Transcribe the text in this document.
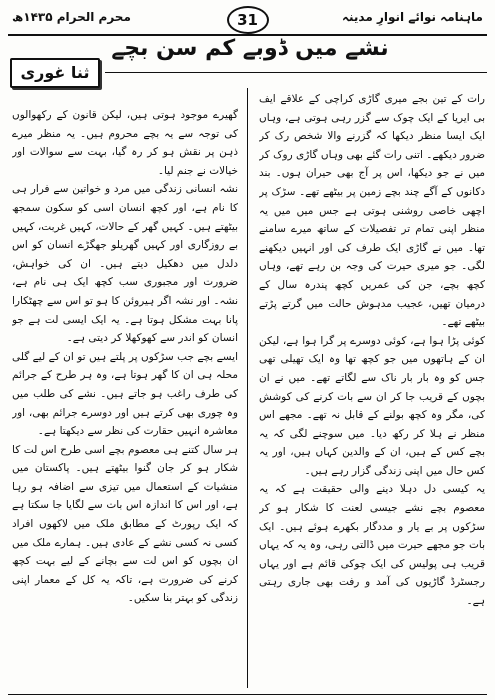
ماہنامہ نوائے انوارِ مدینہ
31
محرم الحرام ۱۴۳۵ھ
نشے میں ڈوبے کم سن بچے
ثنا غوری

رات کے تین بجے میری گاڑی کراچی کے علاقے ایف بی ایریا کے ایک چوک سے گزر رہی ہوتی ہے، وہاں ایک ایسا منظر دیکھا کہ گزرنے والا شخص رک کر ضرور دیکھے۔ اتنی رات گئے بھی وہاں گاڑی روک کر میں نے جو دیکھا، اس پر آج بھی حیران ہوں۔ بند دکانوں کے آگے چند بچے زمین پر بیٹھے تھے۔ سڑک پر اچھی خاصی روشنی ہوتی ہے جس میں میں یہ منظر اپنی تمام تر تفصیلات کے ساتھ میرے سامنے تھا۔ میں نے گاڑی ایک طرف کی اور انہیں دیکھنے لگی۔ جو میری حیرت کی وجہ بن رہے تھے، وہاں کچھ بچے، جن کی عمریں کچھ پندرہ سال کے درمیان تھیں، عجیب مدہوش حالت میں گرتے پڑتے بیٹھے تھے۔

کوئی پڑا ہوا ہے، کوئی دوسرے پر گرا ہوا ہے، لیکن ان کے ہاتھوں میں جو کچھ تھا وہ ایک تھیلی تھی جس کو وہ بار بار ناک سے لگاتے تھے۔ میں نے ان بچوں کے قریب جا کر ان سے بات کرنے کی کوشش کی، مگر وہ کچھ بولنے کے قابل نہ تھے۔ مجھے اس منظر نے ہلا کر رکھ دیا۔ میں سوچنے لگی کہ یہ بچے کس کے ہیں، ان کے والدین کہاں ہیں، اور یہ کس حال میں اپنی زندگی گزار رہے ہیں۔

یہ کیسی دل دہلا دینے والی حقیقت ہے کہ یہ معصوم بچے نشے جیسی لعنت کا شکار ہو کر سڑکوں پر بے یار و مددگار بکھرے ہوئے ہیں۔ ایک بات جو مجھے حیرت میں ڈالتی رہی، وہ یہ کہ یہاں قریب ہی پولیس کی ایک چوکی قائم ہے اور یہاں رجسٹرڈ گاڑیوں کی آمد و رفت بھی جاری رہتی ہے۔

گھیرے موجود ہوتی ہیں، لیکن قانون کے رکھوالوں کی توجہ سے یہ بچے محروم ہیں۔ یہ منظر میرے ذہن پر نقش ہو کر رہ گیا، بہت سے سوالات اور خیالات نے جنم لیا۔

نشہ انسانی زندگی میں مرد و خواتین سے فرار ہی کا نام ہے، اور کچھ انسان اسی کو سکون سمجھ بیٹھتے ہیں۔ کہیں گھر کے حالات، کہیں غربت، کہیں بے روزگاری اور کہیں گھریلو جھگڑے انسان کو اس دلدل میں دھکیل دیتے ہیں۔ ان کی خواہش، ضرورت اور مجبوری سب کچھ ایک ہی نام ہے، نشہ۔ اور نشہ اگر ہیروئن کا ہو تو اس سے چھٹکارا پانا بہت مشکل ہوتا ہے۔ یہ ایک ایسی لت ہے جو انسان کو اندر سے کھوکھلا کر دیتی ہے۔

ایسے بچے جب سڑکوں پر پلتے ہیں تو ان کے لیے گلی محلہ ہی ان کا گھر ہوتا ہے، وہ ہر طرح کے جرائم کی طرف راغب ہو جاتے ہیں۔ نشے کی طلب میں وہ چوری بھی کرتے ہیں اور دوسرے جرائم بھی، اور معاشرہ انہیں حقارت کی نظر سے دیکھتا ہے۔

ہر سال کتنے ہی معصوم بچے اسی طرح اس لت کا شکار ہو کر جان گنوا بیٹھتے ہیں۔ پاکستان میں منشیات کے استعمال میں تیزی سے اضافہ ہو رہا ہے، اور اس کا اندازہ اس بات سے لگایا جا سکتا ہے کہ ایک رپورٹ کے مطابق ملک میں لاکھوں افراد کسی نہ کسی نشے کے عادی ہیں۔ ہمارے ملک میں ان بچوں کو اس لت سے بچانے کے لیے بہت کچھ کرنے کی ضرورت ہے، تاکہ یہ کل کے معمار اپنی زندگی کو بہتر بنا سکیں۔
